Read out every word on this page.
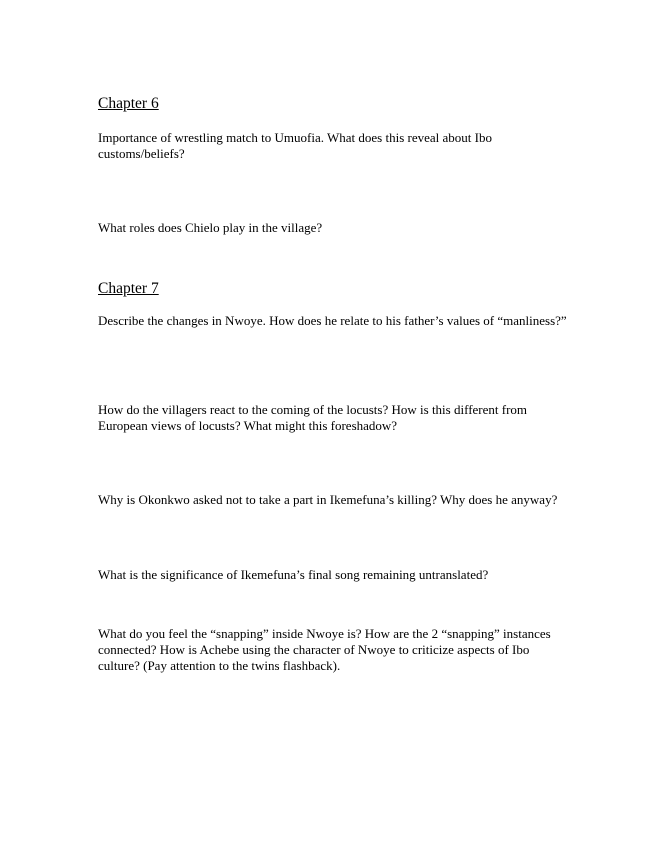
Chapter 6

Importance of wrestling match to Umuofia. What does this reveal about Ibo customs/beliefs?

What roles does Chielo play in the village?

Chapter 7

Describe the changes in Nwoye. How does he relate to his father’s values of “manliness?”

How do the villagers react to the coming of the locusts? How is this different from European views of locusts? What might this foreshadow?

Why is Okonkwo asked not to take a part in Ikemefuna’s killing? Why does he anyway?

What is the significance of Ikemefuna’s final song remaining untranslated?

What do you feel the “snapping” inside Nwoye is? How are the 2 “snapping” instances connected? How is Achebe using the character of Nwoye to criticize aspects of Ibo culture? (Pay attention to the twins flashback).
